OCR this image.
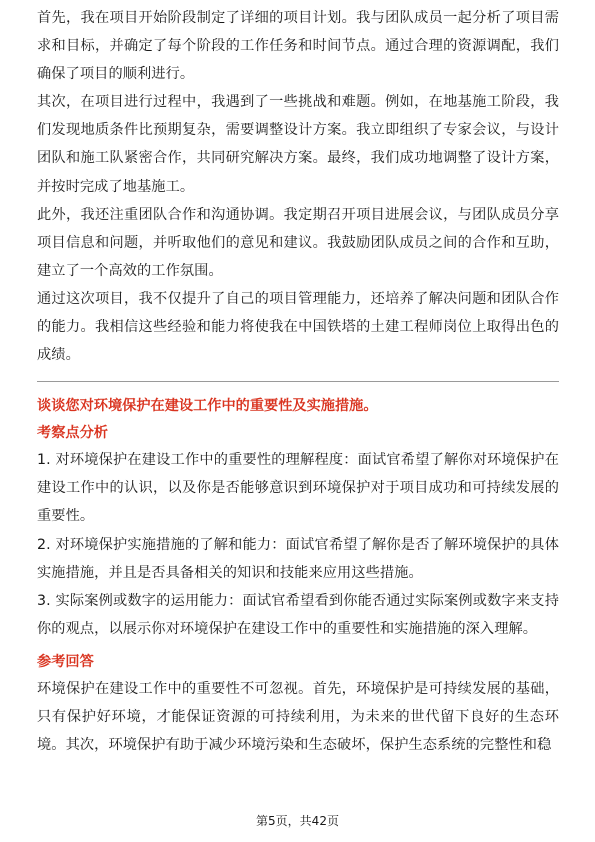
首先，我在项目开始阶段制定了详细的项目计划。我与团队成员一起分析了项目需求和目标，并确定了每个阶段的工作任务和时间节点。通过合理的资源调配，我们确保了项目的顺利进行。

其次，在项目进行过程中，我遇到了一些挑战和难题。例如，在地基施工阶段，我们发现地质条件比预期复杂，需要调整设计方案。我立即组织了专家会议，与设计团队和施工队紧密合作，共同研究解决方案。最终，我们成功地调整了设计方案，并按时完成了地基施工。

此外，我还注重团队合作和沟通协调。我定期召开项目进展会议，与团队成员分享项目信息和问题，并听取他们的意见和建议。我鼓励团队成员之间的合作和互助，建立了一个高效的工作氛围。

通过这次项目，我不仅提升了自己的项目管理能力，还培养了解决问题和团队合作的能力。我相信这些经验和能力将使我在中国铁塔的土建工程师岗位上取得出色的成绩。

谈谈您对环境保护在建设工作中的重要性及实施措施。

考察点分析

1. 对环境保护在建设工作中的重要性的理解程度：面试官希望了解你对环境保护在建设工作中的认识，以及你是否能够意识到环境保护对于项目成功和可持续发展的重要性。

2. 对环境保护实施措施的了解和能力：面试官希望了解你是否了解环境保护的具体实施措施，并且是否具备相关的知识和技能来应用这些措施。

3. 实际案例或数字的运用能力：面试官希望看到你能否通过实际案例或数字来支持你的观点，以展示你对环境保护在建设工作中的重要性和实施措施的深入理解。

参考回答

环境保护在建设工作中的重要性不可忽视。首先，环境保护是可持续发展的基础，只有保护好环境，才能保证资源的可持续利用，为未来的世代留下良好的生态环境。其次，环境保护有助于减少环境污染和生态破坏，保护生态系统的完整性和稳

第5页，共42页
